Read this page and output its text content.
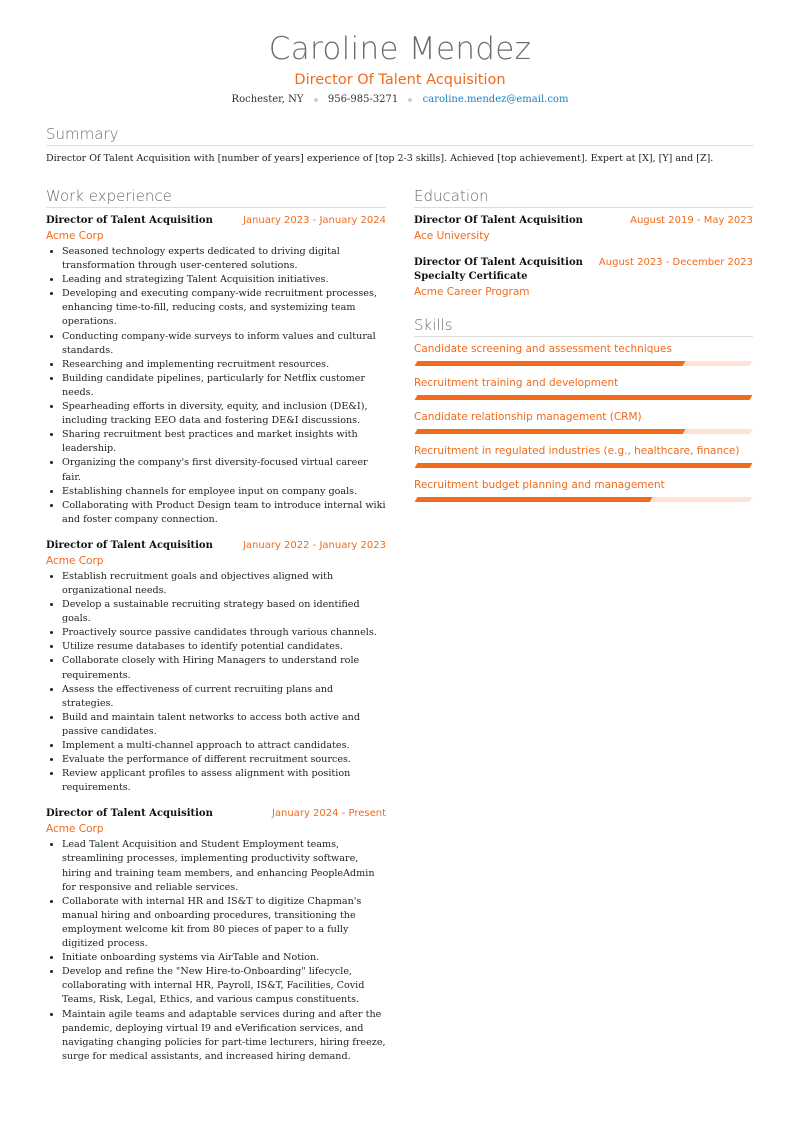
Caroline Mendez
Director Of Talent Acquisition
Rochester, NY 956-985-3271 caroline.mendez@email.com
Summary
Director Of Talent Acquisition with [number of years] experience of [top 2-3 skills]. Achieved [top achievement]. Expert at [X], [Y] and [Z].
Work experience
Director of Talent Acquisition	January 2023 - January 2024
Acme Corp
• Seasoned technology experts dedicated to driving digital transformation through user-centered solutions.
• Leading and strategizing Talent Acquisition initiatives.
• Developing and executing company-wide recruitment processes, enhancing time-to-fill, reducing costs, and systemizing team operations.
• Conducting company-wide surveys to inform values and cultural standards.
• Researching and implementing recruitment resources.
• Building candidate pipelines, particularly for Netflix customer needs.
• Spearheading efforts in diversity, equity, and inclusion (DE&I), including tracking EEO data and fostering DE&I discussions.
• Sharing recruitment best practices and market insights with leadership.
• Organizing the company's first diversity-focused virtual career fair.
• Establishing channels for employee input on company goals.
• Collaborating with Product Design team to introduce internal wiki and foster company connection.
Director of Talent Acquisition	January 2022 - January 2023
Acme Corp
• Establish recruitment goals and objectives aligned with organizational needs.
• Develop a sustainable recruiting strategy based on identified goals.
• Proactively source passive candidates through various channels.
• Utilize resume databases to identify potential candidates.
• Collaborate closely with Hiring Managers to understand role requirements.
• Assess the effectiveness of current recruiting plans and strategies.
• Build and maintain talent networks to access both active and passive candidates.
• Implement a multi-channel approach to attract candidates.
• Evaluate the performance of different recruitment sources.
• Review applicant profiles to assess alignment with position requirements.
Director of Talent Acquisition	January 2024 - Present
Acme Corp
• Lead Talent Acquisition and Student Employment teams, streamlining processes, implementing productivity software, hiring and training team members, and enhancing PeopleAdmin for responsive and reliable services.
• Collaborate with internal HR and IS&T to digitize Chapman's manual hiring and onboarding procedures, transitioning the employment welcome kit from 80 pieces of paper to a fully digitized process.
• Initiate onboarding systems via AirTable and Notion.
• Develop and refine the "New Hire-to-Onboarding" lifecycle, collaborating with internal HR, Payroll, IS&T, Facilities, Covid Teams, Risk, Legal, Ethics, and various campus constituents.
• Maintain agile teams and adaptable services during and after the pandemic, deploying virtual I9 and eVerification services, and navigating changing policies for part-time lecturers, hiring freeze, surge for medical assistants, and increased hiring demand.
Education
Director Of Talent Acquisition	August 2019 - May 2023
Ace University
Director Of Talent Acquisition Specialty Certificate
August 2023 - December 2023
Acme Career Program
Skills
Candidate screening and assessment techniques
Recruitment training and development
Candidate relationship management (CRM)
Recruitment in regulated industries (e.g., healthcare, finance)
Recruitment budget planning and management
